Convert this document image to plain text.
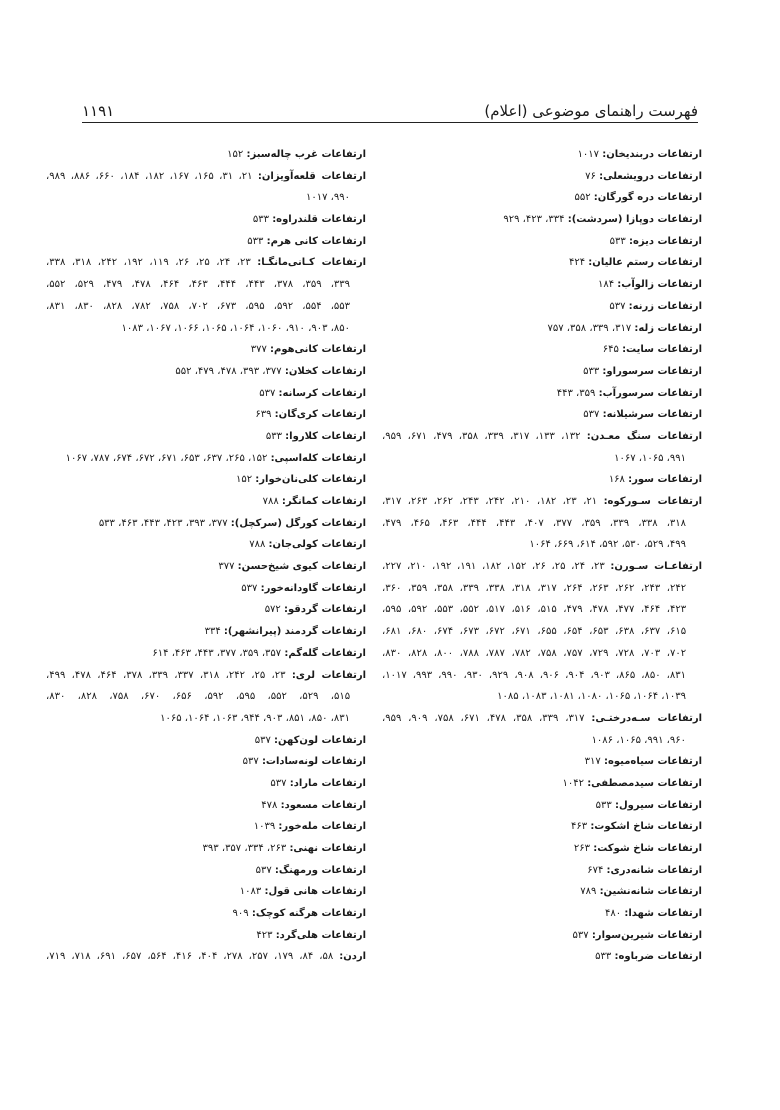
فهرست راهنمای موضوعی (اعلام)
۱۱۹۱
ارتفاعات دربندیخان: ۱۰۱۷
ارتفاعات درویشعلی: ۷۶
ارتفاعات دره گورگان: ۵۵۲
ارتفاعات دوپازا (سردشت): ۳۳۴، ۴۲۳، ۹۲۹
ارتفاعات دیزه: ۵۳۳
ارتفاعات رستم عالیان: ۴۲۴
ارتفاعات زالوآب: ۱۸۴
ارتفاعات زرنه: ۵۳۷
ارتفاعات زله: ۳۱۷، ۳۳۹، ۳۵۸، ۷۵۷
ارتفاعات سایت: ۶۴۵
ارتفاعات سرسوراو: ۵۳۳
ارتفاعات سرسورآب: ۳۵۹، ۴۴۳
ارتفاعات سرشیلانه: ۵۳۷
ارتفاعات سنگ معـدن: ۱۳۲، ۱۳۳، ۳۱۷، ۳۳۹، ۳۵۸، ۴۷۹، ۶۷۱، ۹۵۹،
۹۹۱، ۱۰۶۵، ۱۰۶۷
ارتفاعات سور: ۱۶۸
ارتفاعات سـورکوه: ۲۱، ۲۳، ۱۸۲، ۲۱۰، ۲۴۲، ۲۴۳، ۲۶۲، ۲۶۳، ۳۱۷،
۳۱۸، ۳۳۸، ۳۳۹، ۳۵۹، ۳۷۷، ۴۰۷، ۴۴۳، ۴۴۴، ۴۶۳، ۴۶۵، ۴۷۹،
۴۹۹، ۵۲۹، ۵۳۰، ۵۹۲، ۶۱۴، ۶۶۹، ۱۰۶۴
ارتفاعـات سـورن: ۲۳، ۲۴، ۲۵، ۲۶، ۱۵۲، ۱۸۲، ۱۹۱، ۱۹۲، ۲۱۰، ۲۲۷،
۲۴۲، ۲۴۳، ۲۶۲، ۲۶۳، ۲۶۴، ۳۱۷، ۳۱۸، ۳۳۸، ۳۳۹، ۳۵۸، ۳۵۹، ۳۶۰،
۴۲۳، ۴۶۴، ۴۷۷، ۴۷۸، ۴۷۹، ۵۱۵، ۵۱۶، ۵۱۷، ۵۵۲، ۵۵۳، ۵۹۲، ۵۹۵،
۶۱۵، ۶۳۷، ۶۳۸، ۶۵۳، ۶۵۴، ۶۵۵، ۶۷۱، ۶۷۲، ۶۷۳، ۶۷۴، ۶۸۰، ۶۸۱،
۷۰۲، ۷۰۳، ۷۲۸، ۷۲۹، ۷۵۷، ۷۵۸، ۷۸۲، ۷۸۷، ۷۸۸، ۸۰۰، ۸۲۸، ۸۳۰،
۸۳۱، ۸۵۰، ۸۶۵، ۹۰۳، ۹۰۴، ۹۰۶، ۹۰۸، ۹۲۹، ۹۳۰، ۹۹۰، ۹۹۳، ۱۰۱۷،
۱۰۳۹، ۱۰۶۴، ۱۰۶۵، ۱۰۸۰، ۱۰۸۱، ۱۰۸۳، ۱۰۸۵
ارتفاعات سـه‌درختـی: ۳۱۷، ۳۳۹، ۳۵۸، ۴۷۸، ۶۷۱، ۷۵۸، ۹۰۹، ۹۵۹،
۹۶۰، ۹۹۱، ۱۰۶۵، ۱۰۸۶
ارتفاعات سیاه‌میوه: ۳۱۷
ارتفاعات سیدمصطفی: ۱۰۴۲
ارتفاعات سیرول: ۵۳۳
ارتفاعات شاخ اشکوت: ۴۶۳
ارتفاعات شاخ شوکت: ۲۶۳
ارتفاعات شانه‌دری: ۶۷۴
ارتفاعات شانه‌نشین: ۷۸۹
ارتفاعات شهدا: ۴۸۰
ارتفاعات شیرین‌سوار: ۵۳۷
ارتفاعات ضرباوه: ۵۳۳
ارتفاعات غرب چاله‌سبز: ۱۵۲
ارتفاعات قلعه‌آویزان: ۲۱، ۳۱، ۱۶۵، ۱۶۷، ۱۸۲، ۱۸۴، ۶۶۰، ۸۸۶، ۹۸۹،
۹۹۰، ۱۰۱۷
ارتفاعات قلندراوه: ۵۳۳
ارتفاعات کانی هرم: ۵۳۳
ارتفاعات کـانی‌مانگـا: ۲۳، ۲۴، ۲۵، ۲۶، ۱۱۹، ۱۹۲، ۲۴۲، ۳۱۸، ۳۳۸،
۳۳۹، ۳۵۹، ۳۷۸، ۴۴۳، ۴۴۴، ۴۶۳، ۴۶۴، ۴۷۸، ۴۷۹، ۵۲۹، ۵۵۲،
۵۵۳، ۵۵۴، ۵۹۲، ۵۹۵، ۶۷۳، ۷۰۲، ۷۵۸، ۷۸۲، ۸۲۸، ۸۳۰، ۸۳۱،
۸۵۰، ۹۰۳، ۹۱۰، ۱۰۶۰، ۱۰۶۴، ۱۰۶۵، ۱۰۶۶، ۱۰۶۷، ۱۰۸۳
ارتفاعات کانی‌هوم: ۳۷۷
ارتفاعات کخلان: ۳۷۷، ۳۹۳، ۴۷۸، ۴۷۹، ۵۵۲
ارتفاعات کرسانه: ۵۳۷
ارتفاعات کری‌گان: ۶۳۹
ارتفاعات کلاروا: ۵۳۳
ارتفاعات کله‌اسپی: ۱۵۲، ۲۶۵، ۶۳۷، ۶۵۳، ۶۷۱، ۶۷۲، ۶۷۴، ۷۸۷، ۱۰۶۷
ارتفاعات کلی‌نان‌خوار: ۱۵۲
ارتفاعات کمانگر: ۷۸۸
ارتفاعات کورگل (سرکچل): ۳۷۷، ۳۹۳، ۴۲۳، ۴۴۳، ۴۶۳، ۵۳۳
ارتفاعات کولی‌جان: ۷۸۸
ارتفاعات کیوی شیخ‌حسن: ۳۷۷
ارتفاعات گاودانه‌خور: ۵۳۷
ارتفاعات گردقو: ۵۷۲
ارتفاعات گردمند (پیرانشهر): ۳۳۴
ارتفاعات گله‌گم: ۳۵۷، ۳۵۹، ۳۷۷، ۴۴۳، ۴۶۳، ۶۱۴
ارتفاعات لری: ۲۳، ۲۵، ۲۴۲، ۳۱۸، ۳۳۷، ۳۳۹، ۳۷۸، ۴۶۴، ۴۷۸، ۴۹۹،
۵۱۵، ۵۲۹، ۵۵۲، ۵۹۵، ۵۹۲، ۶۵۶، ۶۷۰، ۷۵۸، ۸۲۸، ۸۳۰،
۸۳۱، ۸۵۰، ۸۵۱، ۹۰۳، ۹۴۴، ۱۰۶۳، ۱۰۶۴، ۱۰۶۵
ارتفاعات لون‌کهن: ۵۳۷
ارتفاعات لونه‌سادات: ۵۳۷
ارتفاعات ماراد: ۵۳۷
ارتفاعات مسعود: ۴۷۸
ارتفاعات مله‌خور: ۱۰۳۹
ارتفاعات نهنی: ۲۶۳، ۳۳۴، ۳۵۷، ۳۹۳
ارتفاعات ورمهنگ: ۵۳۷
ارتفاعات هانی قول: ۱۰۸۳
ارتفاعات هرگنه کوچک: ۹۰۹
ارتفاعات هلی‌گرد: ۴۲۳
اردن: ۵۸، ۸۴، ۱۷۹، ۲۵۷، ۲۷۸، ۴۰۴، ۴۱۶، ۵۶۴، ۶۵۷، ۶۹۱، ۷۱۸، ۷۱۹،
